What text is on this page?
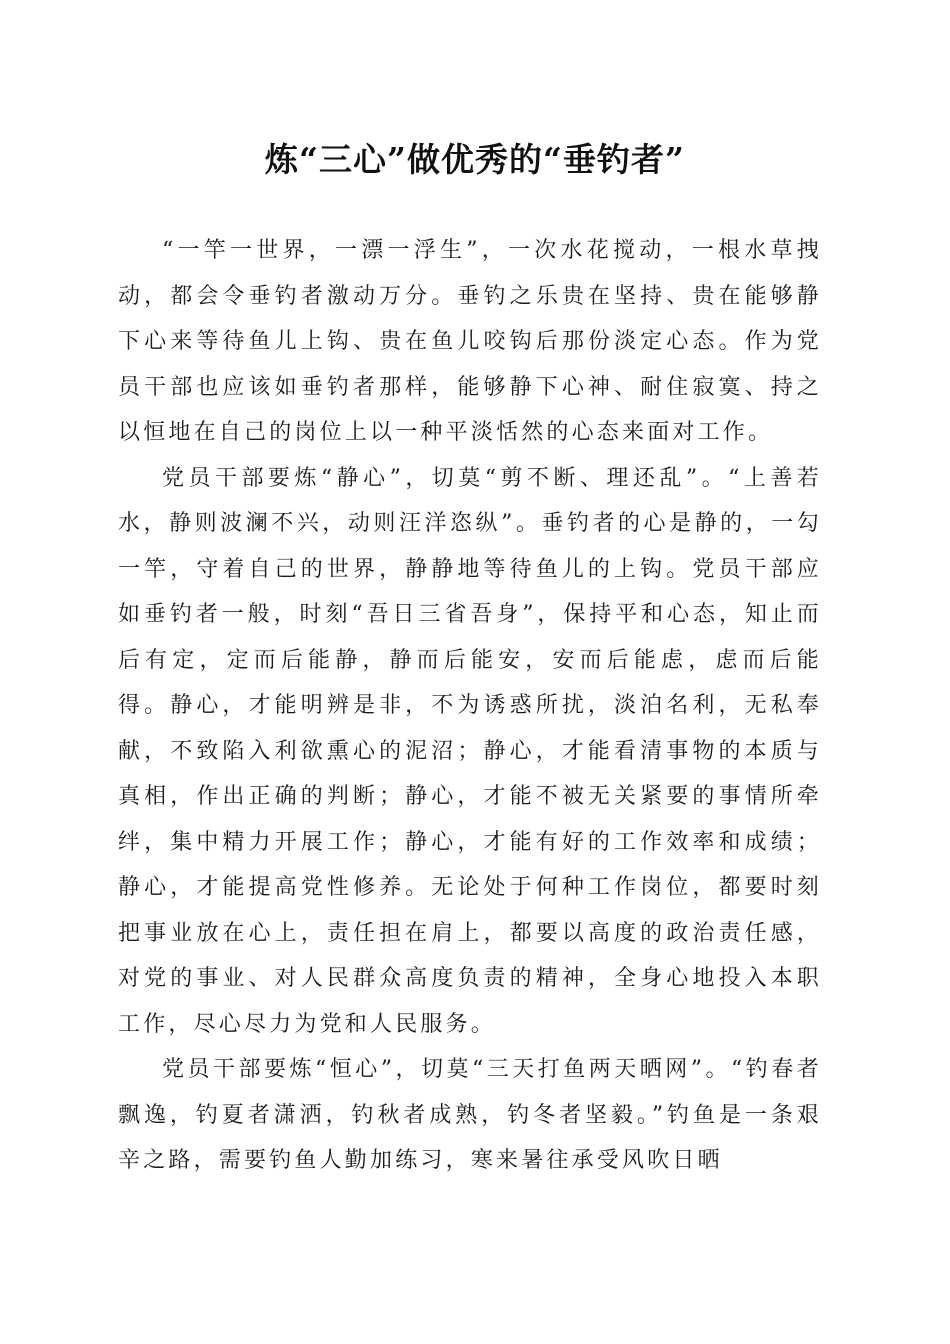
炼“三心”做优秀的“垂钓者”

“一竿一世界，一漂一浮生”，一次水花搅动，一根水草拽动，都会令垂钓者激动万分。垂钓之乐贵在坚持、贵在能够静下心来等待鱼儿上钩、贵在鱼儿咬钩后那份淡定心态。作为党员干部也应该如垂钓者那样，能够静下心神、耐住寂寞、持之以恒地在自己的岗位上以一种平淡恬然的心态来面对工作。

党员干部要炼“静心”，切莫“剪不断、理还乱”。“上善若水，静则波澜不兴，动则汪洋恣纵”。垂钓者的心是静的，一勾一竿，守着自己的世界，静静地等待鱼儿的上钩。党员干部应如垂钓者一般，时刻“吾日三省吾身”，保持平和心态，知止而后有定，定而后能静，静而后能安，安而后能虑，虑而后能得。静心，才能明辨是非，不为诱惑所扰，淡泊名利，无私奉献，不致陷入利欲熏心的泥沼；静心，才能看清事物的本质与真相，作出正确的判断；静心，才能不被无关紧要的事情所牵绊，集中精力开展工作；静心，才能有好的工作效率和成绩；静心，才能提高党性修养。无论处于何种工作岗位，都要时刻把事业放在心上，责任担在肩上，都要以高度的政治责任感，对党的事业、对人民群众高度负责的精神，全身心地投入本职工作，尽心尽力为党和人民服务。

党员干部要炼“恒心”，切莫“三天打鱼两天晒网”。“钓春者飘逸，钓夏者潇洒，钓秋者成熟，钓冬者坚毅。”钓鱼是一条艰辛之路，需要钓鱼人勤加练习，寒来暑往承受风吹日晒
